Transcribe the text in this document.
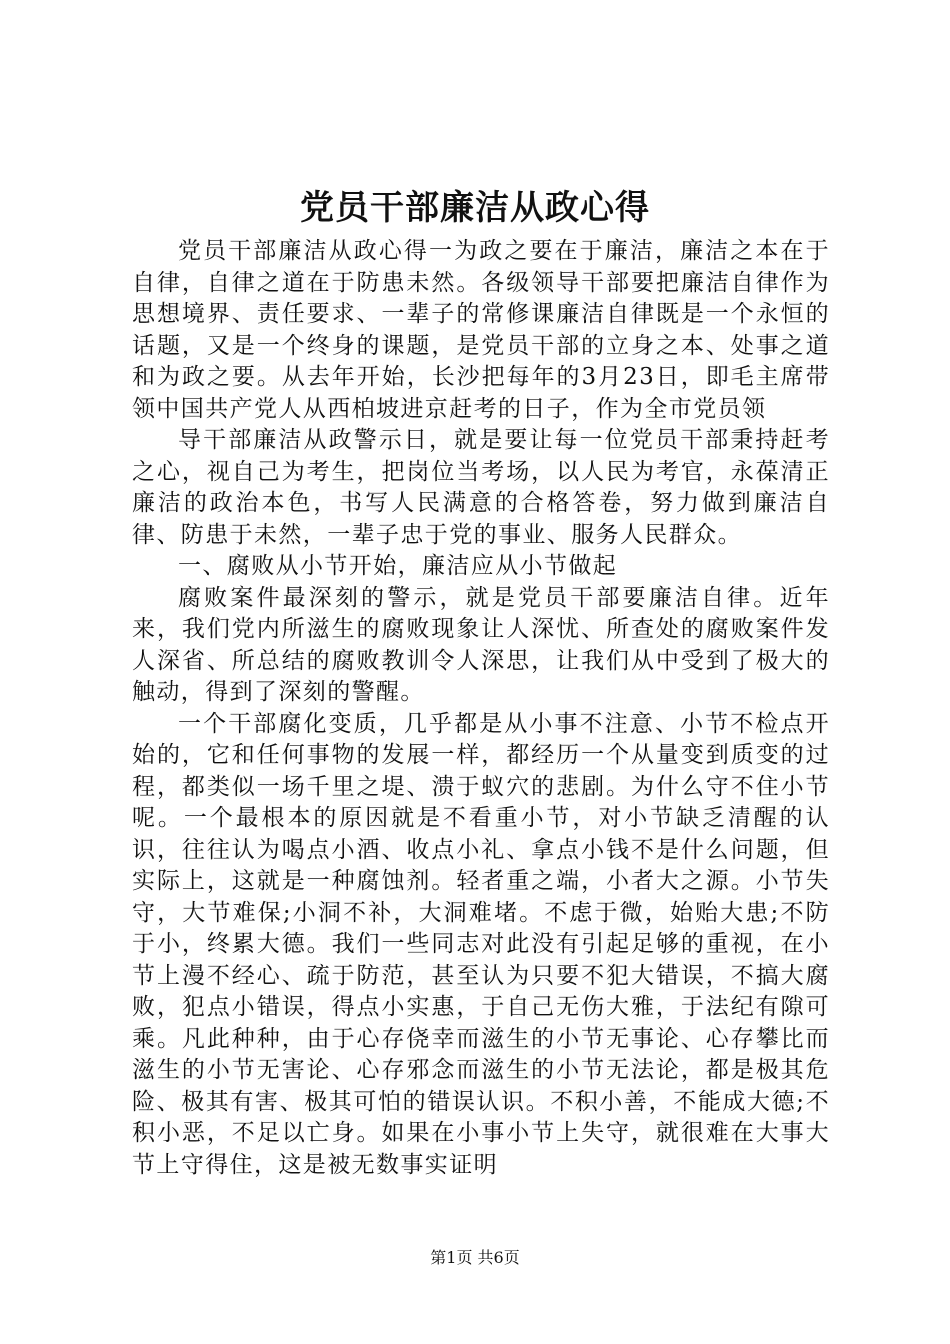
党员干部廉洁从政心得

党员干部廉洁从政心得一为政之要在于廉洁，廉洁之本在于自律，自律之道在于防患未然。各级领导干部要把廉洁自律作为思想境界、责任要求、一辈子的常修课廉洁自律既是一个永恒的话题，又是一个终身的课题，是党员干部的立身之本、处事之道和为政之要。从去年开始，长沙把每年的3月23日，即毛主席带领中国共产党人从西柏坡进京赶考的日子，作为全市党员领

导干部廉洁从政警示日，就是要让每一位党员干部秉持赶考之心，视自己为考生，把岗位当考场，以人民为考官，永葆清正廉洁的政治本色，书写人民满意的合格答卷，努力做到廉洁自律、防患于未然，一辈子忠于党的事业、服务人民群众。

一、腐败从小节开始，廉洁应从小节做起

腐败案件最深刻的警示，就是党员干部要廉洁自律。近年来，我们党内所滋生的腐败现象让人深忧、所查处的腐败案件发人深省、所总结的腐败教训令人深思，让我们从中受到了极大的触动，得到了深刻的警醒。

一个干部腐化变质，几乎都是从小事不注意、小节不检点开始的，它和任何事物的发展一样，都经历一个从量变到质变的过程，都类似一场千里之堤、溃于蚁穴的悲剧。为什么守不住小节呢。一个最根本的原因就是不看重小节，对小节缺乏清醒的认识，往往认为喝点小酒、收点小礼、拿点小钱不是什么问题，但实际上，这就是一种腐蚀剂。轻者重之端，小者大之源。小节失守，大节难保;小洞不补，大洞难堵。不虑于微，始贻大患;不防于小，终累大德。我们一些同志对此没有引起足够的重视，在小节上漫不经心、疏于防范，甚至认为只要不犯大错误，不搞大腐败，犯点小错误，得点小实惠，于自己无伤大雅，于法纪有隙可乘。凡此种种，由于心存侥幸而滋生的小节无事论、心存攀比而滋生的小节无害论、心存邪念而滋生的小节无法论，都是极其危险、极其有害、极其可怕的错误认识。不积小善，不能成大德;不积小恶，不足以亡身。如果在小事小节上失守，就很难在大事大节上守得住，这是被无数事实证明

第1页 共6页
